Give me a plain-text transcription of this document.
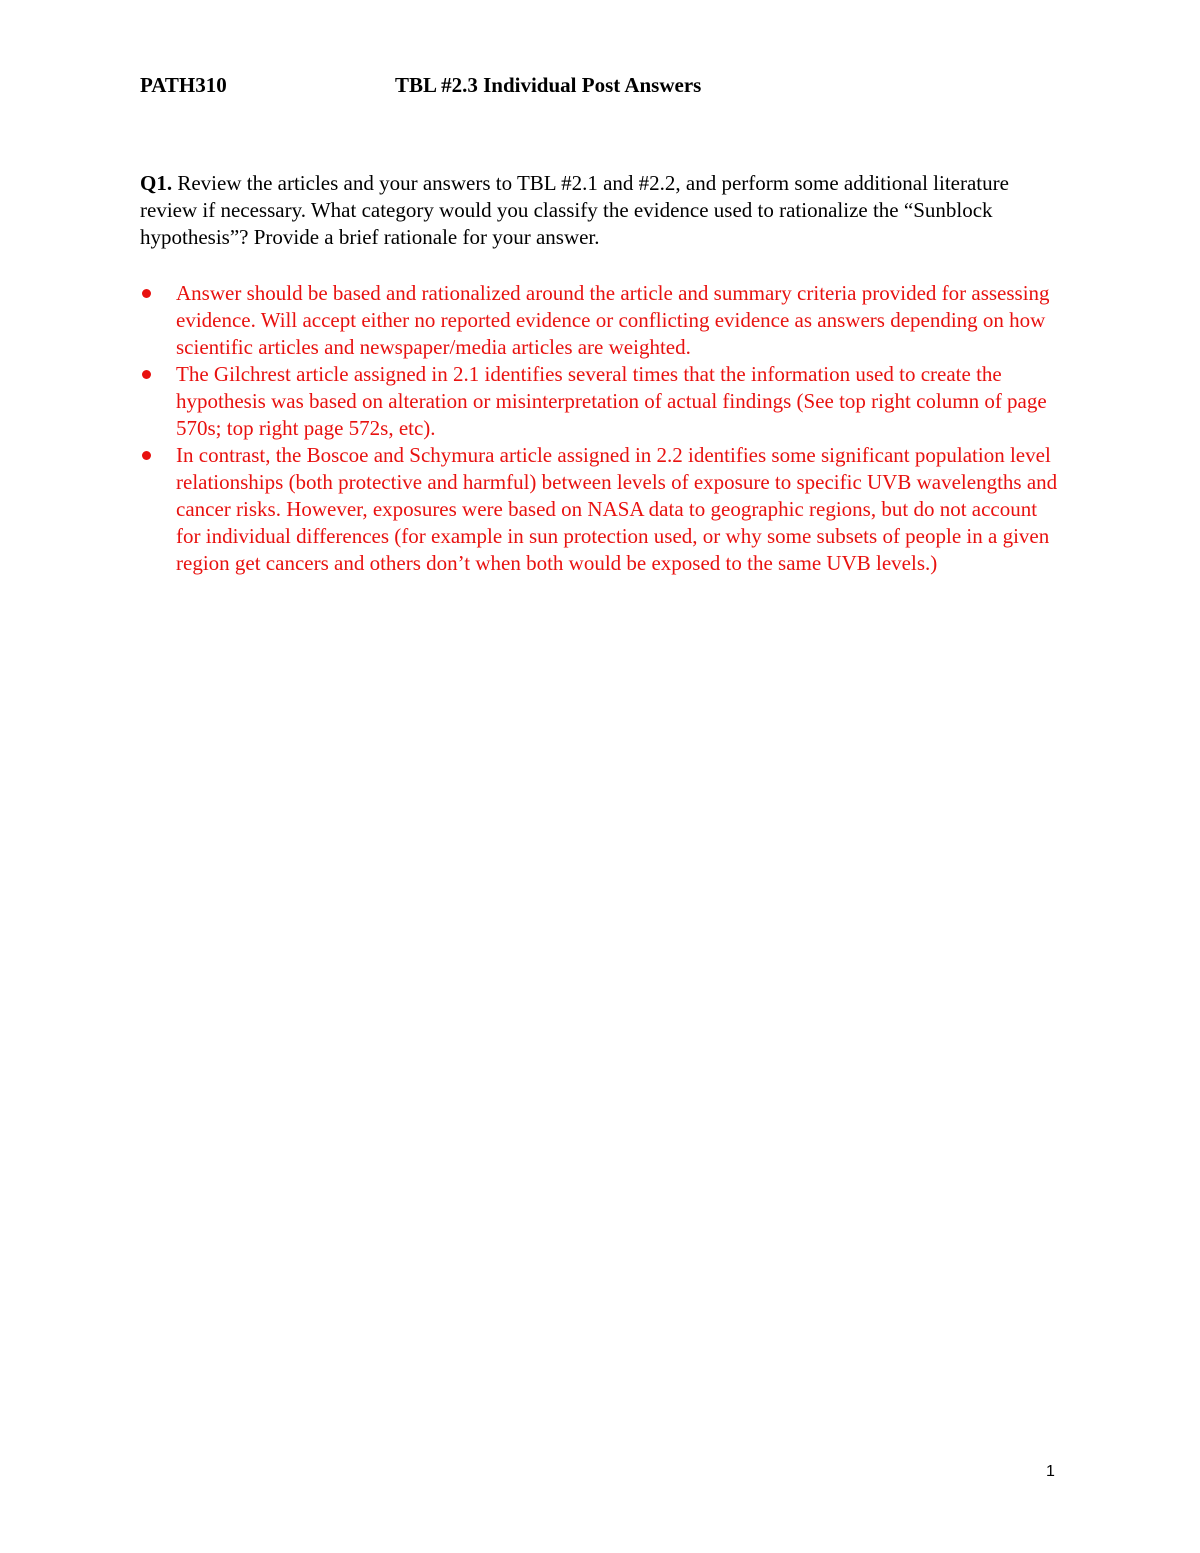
PATH310	TBL #2.3 Individual Post Answers
Q1. Review the articles and your answers to TBL #2.1 and #2.2, and perform some additional literature review if necessary. What category would you classify the evidence used to rationalize the “Sunblock hypothesis”? Provide a brief rationale for your answer.
Answer should be based and rationalized around the article and summary criteria provided for assessing evidence. Will accept either no reported evidence or conflicting evidence as answers depending on how scientific articles and newspaper/media articles are weighted.
The Gilchrest article assigned in 2.1 identifies several times that the information used to create the hypothesis was based on alteration or misinterpretation of actual findings (See top right column of page 570s; top right page 572s, etc).
In contrast, the Boscoe and Schymura article assigned in 2.2 identifies some significant population level relationships (both protective and harmful) between levels of exposure to specific UVB wavelengths and cancer risks. However, exposures were based on NASA data to geographic regions, but do not account for individual differences (for example in sun protection used, or why some subsets of people in a given region get cancers and others don’t when both would be exposed to the same UVB levels.)
1
